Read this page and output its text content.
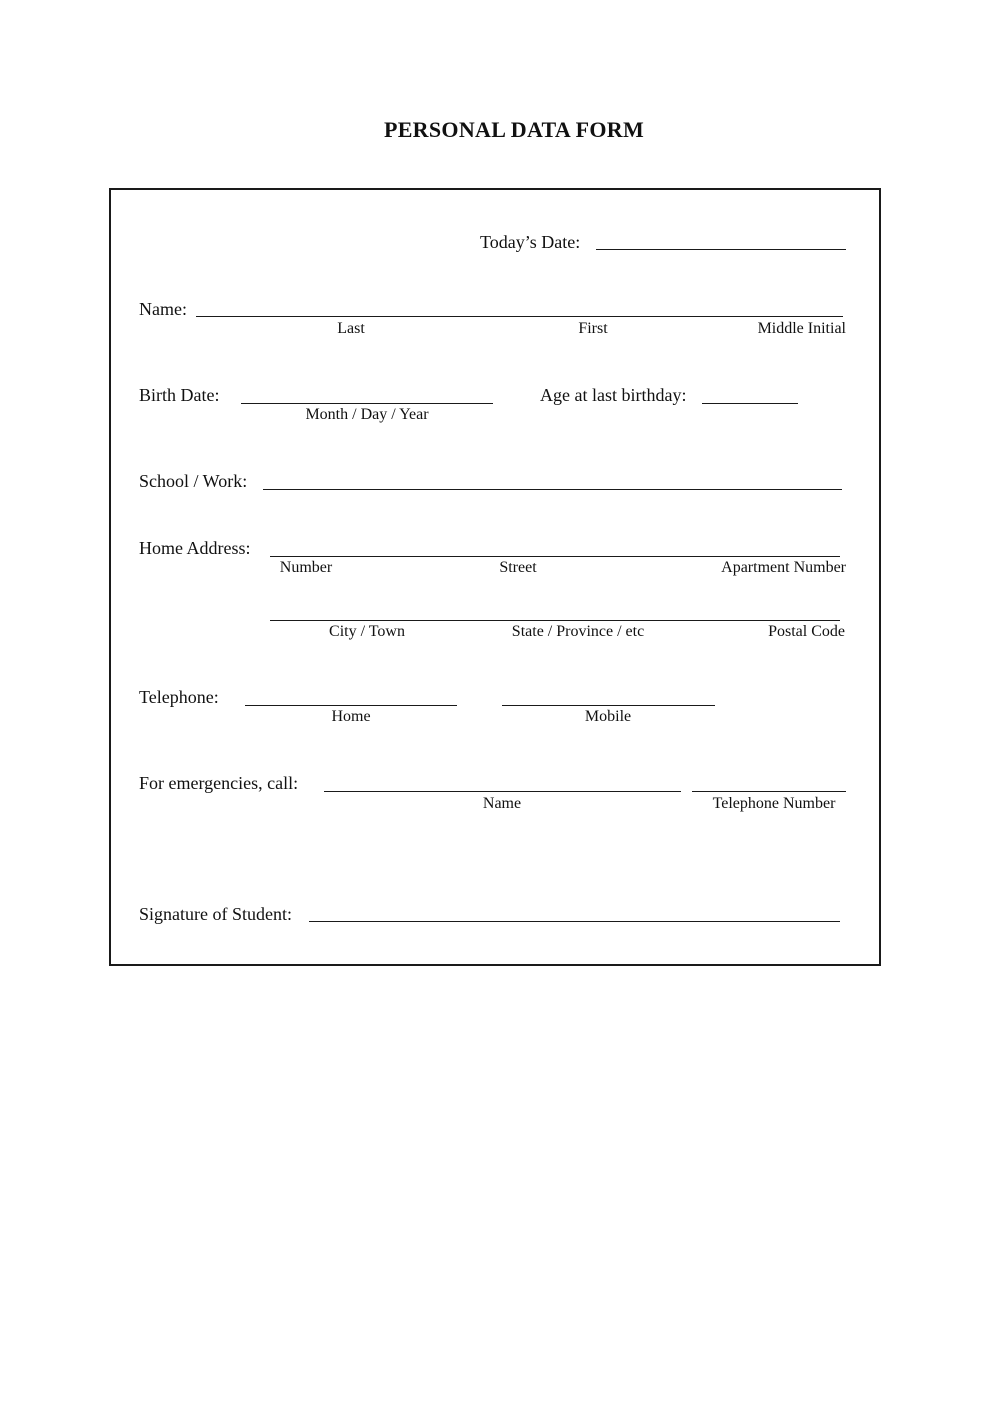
PERSONAL DATA FORM
Today’s Date:
Name:
Last	First	Middle Initial
Birth Date:
Month / Day / Year
Age at last birthday:
School / Work:
Home Address:
Number	Street	Apartment Number
City / Town	State / Province / etc	Postal Code
Telephone:
Home	Mobile
For emergencies, call:
Name	Telephone Number
Signature of Student:
